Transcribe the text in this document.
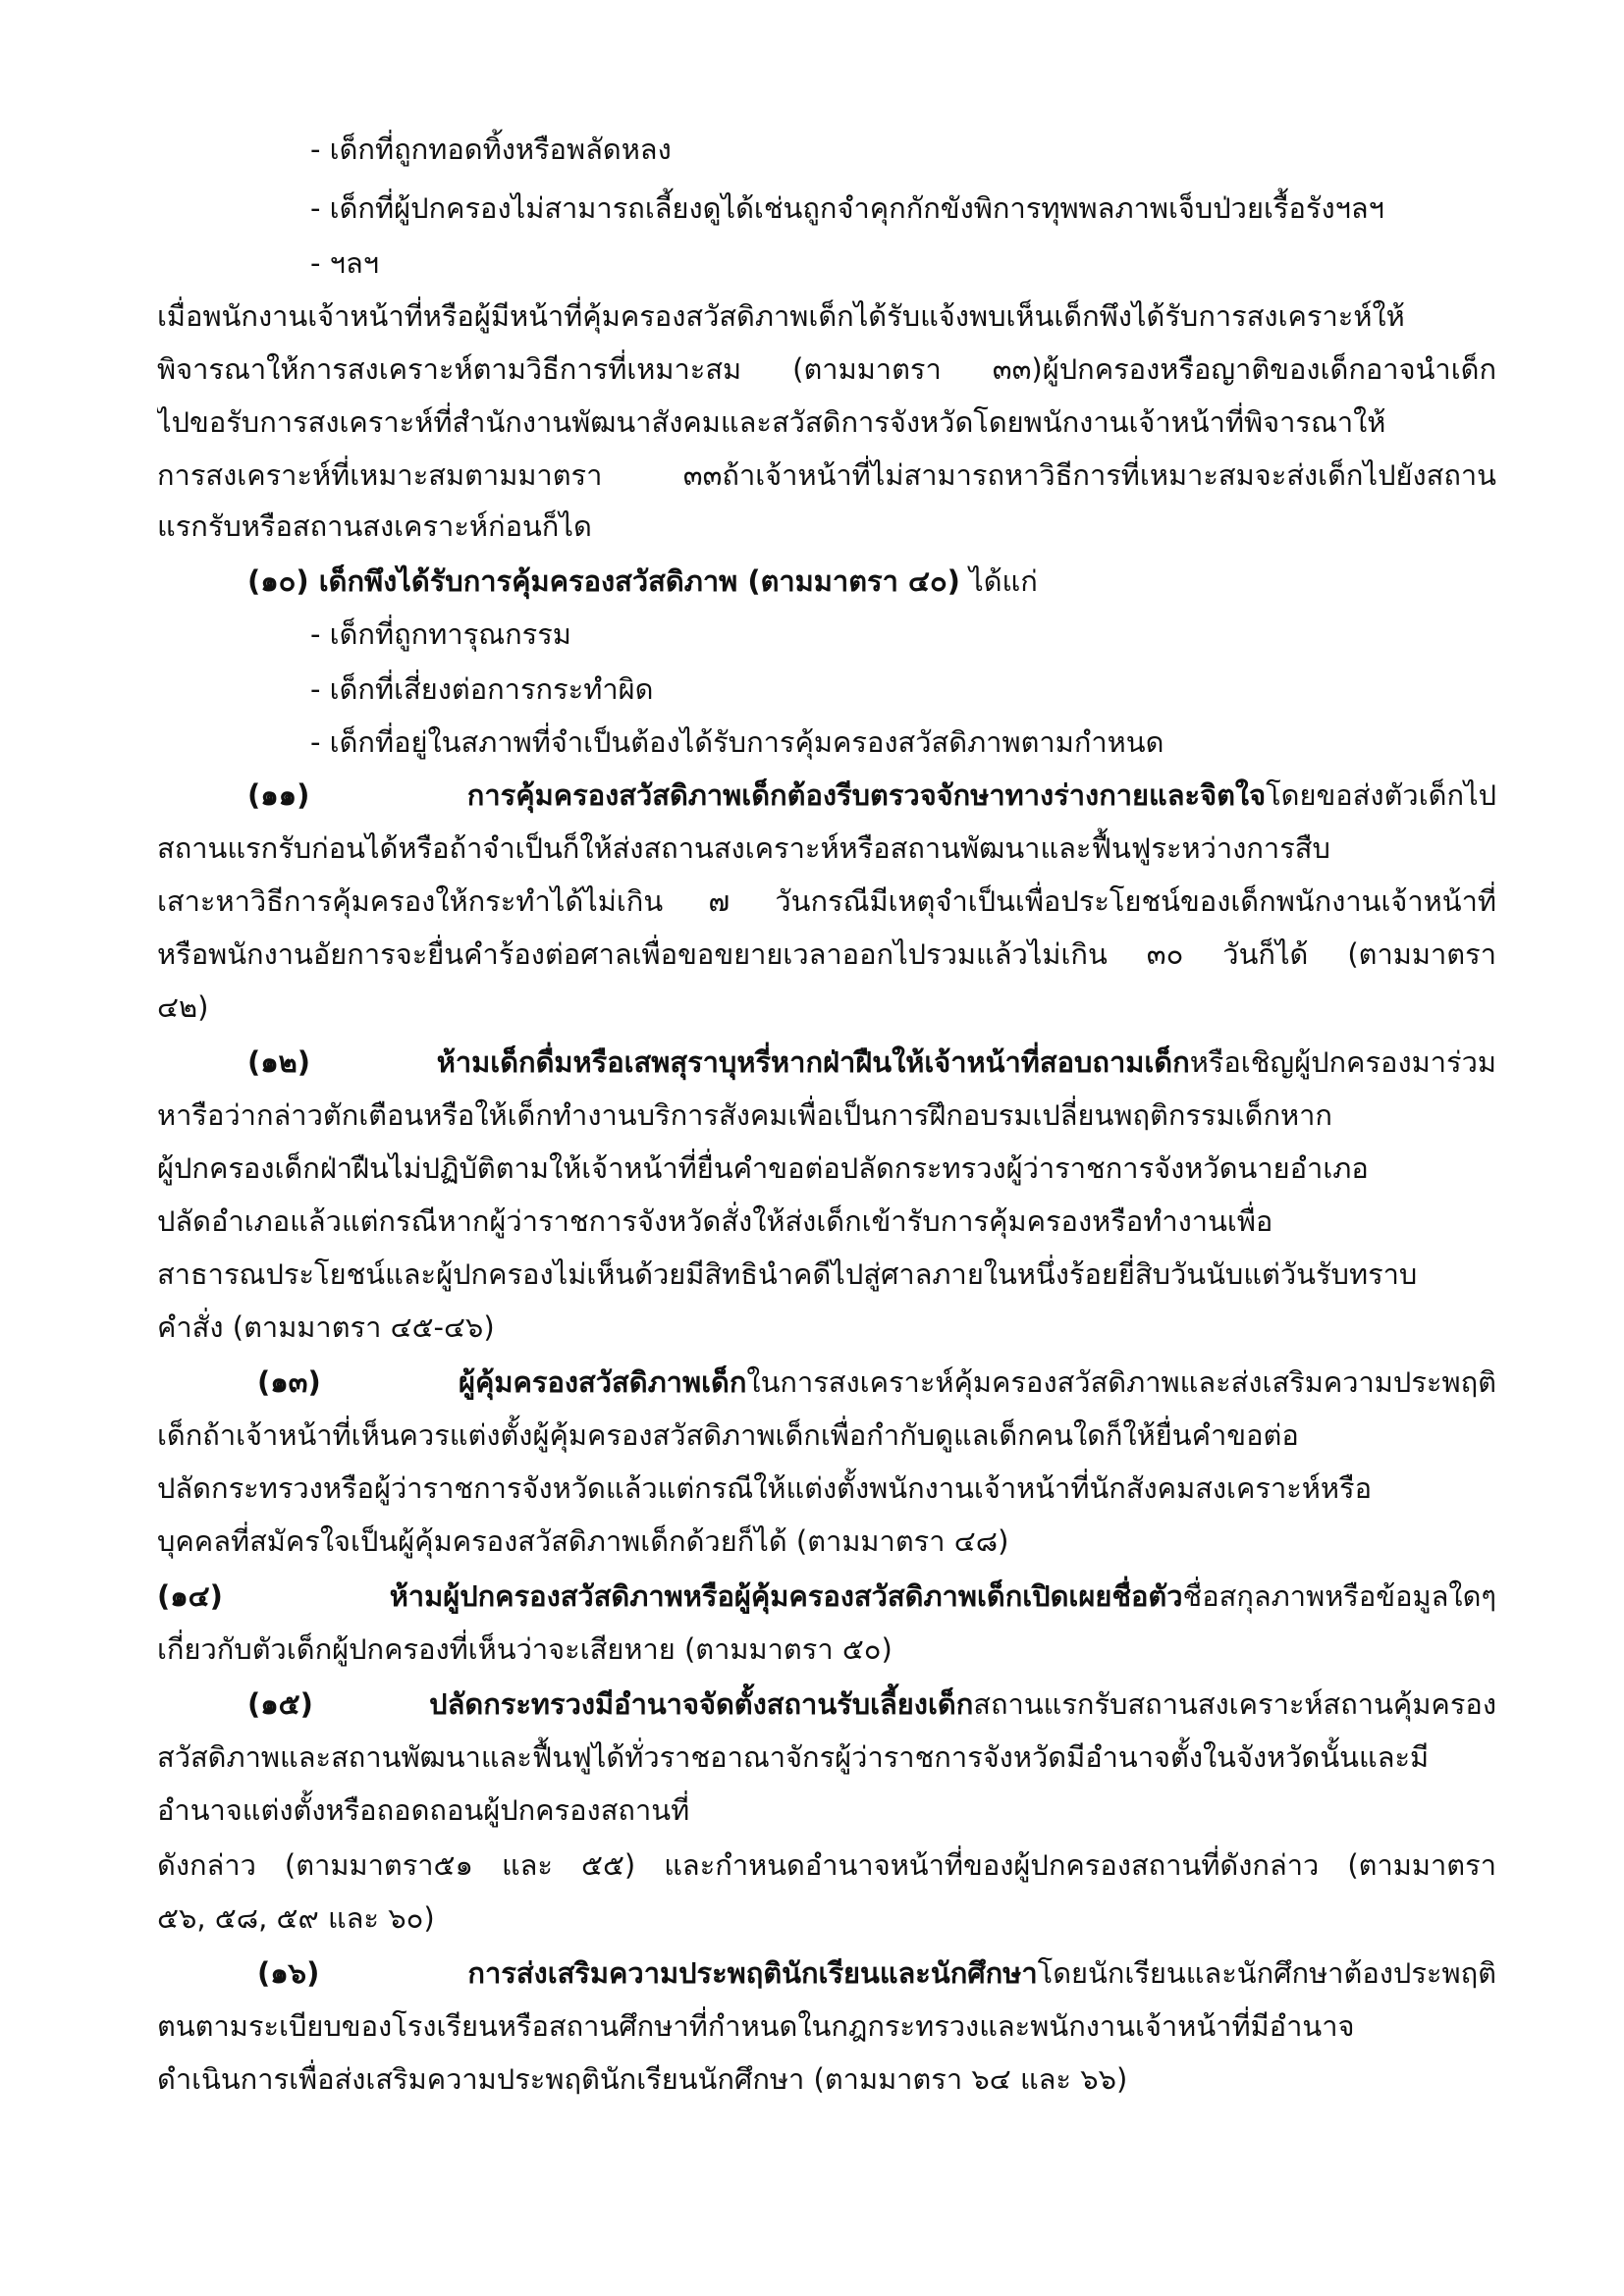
- เด็กที่ถูกทอดทิ้งหรือพลัดหลง
- เด็กที่ผู้ปกครองไม่สามารถเลี้ยงดูได้เช่นถูกจำคุกกักขังพิการทุพพลภาพเจ็บป่วยเรื้อรังฯลฯ
- ฯลฯ
เมื่อพนักงานเจ้าหน้าที่หรือผู้มีหน้าที่คุ้มครองสวัสดิภาพเด็กได้รับแจ้งพบเห็นเด็กพึงได้รับการสงเคราะห์ให้
พิจารณาให้การสงเคราะห์ตามวิธีการที่เหมาะสม (ตามมาตรา ๓๓)ผู้ปกครองหรือญาติของเด็กอาจนำเด็ก
ไปขอรับการสงเคราะห์ที่สำนักงานพัฒนาสังคมและสวัสดิการจังหวัดโดยพนักงานเจ้าหน้าที่พิจารณาให้
การสงเคราะห์ที่เหมาะสมตามมาตรา ๓๓ถ้าเจ้าหน้าที่ไม่สามารถหาวิธีการที่เหมาะสมจะส่งเด็กไปยังสถาน
แรกรับหรือสถานสงเคราะห์ก่อนก็ได
(๑๐) เด็กพึงได้รับการคุ้มครองสวัสดิภาพ (ตามมาตรา ๔๐) ได้แก่
- เด็กที่ถูกทารุณกรรม
- เด็กที่เสี่ยงต่อการกระทำผิด
- เด็กที่อยู่ในสภาพที่จำเป็นต้องได้รับการคุ้มครองสวัสดิภาพตามกำหนด
(๑๑) การคุ้มครองสวัสดิภาพเด็กต้องรีบตรวจจักษาทางร่างกายและจิตใจโดยขอส่งตัวเด็กไป
สถานแรกรับก่อนได้หรือถ้าจำเป็นก็ให้ส่งสถานสงเคราะห์หรือสถานพัฒนาและฟื้นฟูระหว่างการสืบ
เสาะหาวิธีการคุ้มครองให้กระทำได้ไม่เกิน ๗ วันกรณีมีเหตุจำเป็นเพื่อประโยชน์ของเด็กพนักงานเจ้าหน้าที่
หรือพนักงานอัยการจะยื่นคำร้องต่อศาลเพื่อขอขยายเวลาออกไปรวมแล้วไม่เกิน ๓๐ วันก็ได้ (ตามมาตรา
๔๒)
(๑๒) ห้ามเด็กดื่มหรือเสพสุราบุหรี่หากฝ่าฝืนให้เจ้าหน้าที่สอบถามเด็กหรือเชิญผู้ปกครองมาร่วม
หารือว่ากล่าวตักเตือนหรือให้เด็กทำงานบริการสังคมเพื่อเป็นการฝึกอบรมเปลี่ยนพฤติกรรมเด็กหาก
ผู้ปกครองเด็กฝ่าฝืนไม่ปฏิบัติตามให้เจ้าหน้าที่ยื่นคำขอต่อปลัดกระทรวงผู้ว่าราชการจังหวัดนายอำเภอ
ปลัดอำเภอแล้วแต่กรณีหากผู้ว่าราชการจังหวัดสั่งให้ส่งเด็กเข้ารับการคุ้มครองหรือทำงานเพื่อ
สาธารณประโยชน์และผู้ปกครองไม่เห็นด้วยมีสิทธินำคดีไปสู่ศาลภายในหนึ่งร้อยยี่สิบวันนับแต่วันรับทราบ
คำสั่ง (ตามมาตรา ๔๕-๔๖)
(๑๓) ผู้คุ้มครองสวัสดิภาพเด็กในการสงเคราะห์คุ้มครองสวัสดิภาพและส่งเสริมความประพฤติ
เด็กถ้าเจ้าหน้าที่เห็นควรแต่งตั้งผู้คุ้มครองสวัสดิภาพเด็กเพื่อกำกับดูแลเด็กคนใดก็ให้ยื่นคำขอต่อ
ปลัดกระทรวงหรือผู้ว่าราชการจังหวัดแล้วแต่กรณีให้แต่งตั้งพนักงานเจ้าหน้าที่นักสังคมสงเคราะห์หรือ
บุคคลที่สมัครใจเป็นผู้คุ้มครองสวัสดิภาพเด็กด้วยก็ได้ (ตามมาตรา ๔๘)
(๑๔) ห้ามผู้ปกครองสวัสดิภาพหรือผู้คุ้มครองสวัสดิภาพเด็กเปิดเผยชื่อตัวชื่อสกุลภาพหรือข้อมูลใดๆ
เกี่ยวกับตัวเด็กผู้ปกครองที่เห็นว่าจะเสียหาย (ตามมาตรา ๕๐)
(๑๕) ปลัดกระทรวงมีอำนาจจัดตั้งสถานรับเลี้ยงเด็กสถานแรกรับสถานสงเคราะห์สถานคุ้มครอง
สวัสดิภาพและสถานพัฒนาและฟื้นฟูได้ทั่วราชอาณาจักรผู้ว่าราชการจังหวัดมีอำนาจตั้งในจังหวัดนั้นและมี
อำนาจแต่งตั้งหรือถอดถอนผู้ปกครองสถานที่
ดังกล่าว (ตามมาตรา๕๑ และ ๕๕) และกำหนดอำนาจหน้าที่ของผู้ปกครองสถานที่ดังกล่าว (ตามมาตรา
๕๖, ๕๘, ๕๙ และ ๖๐)
(๑๖) การส่งเสริมความประพฤตินักเรียนและนักศึกษาโดยนักเรียนและนักศึกษาต้องประพฤติ
ตนตามระเบียบของโรงเรียนหรือสถานศึกษาที่กำหนดในกฎกระทรวงและพนักงานเจ้าหน้าที่มีอำนาจ
ดำเนินการเพื่อส่งเสริมความประพฤตินักเรียนนักศึกษา (ตามมาตรา ๖๔ และ ๖๖)
